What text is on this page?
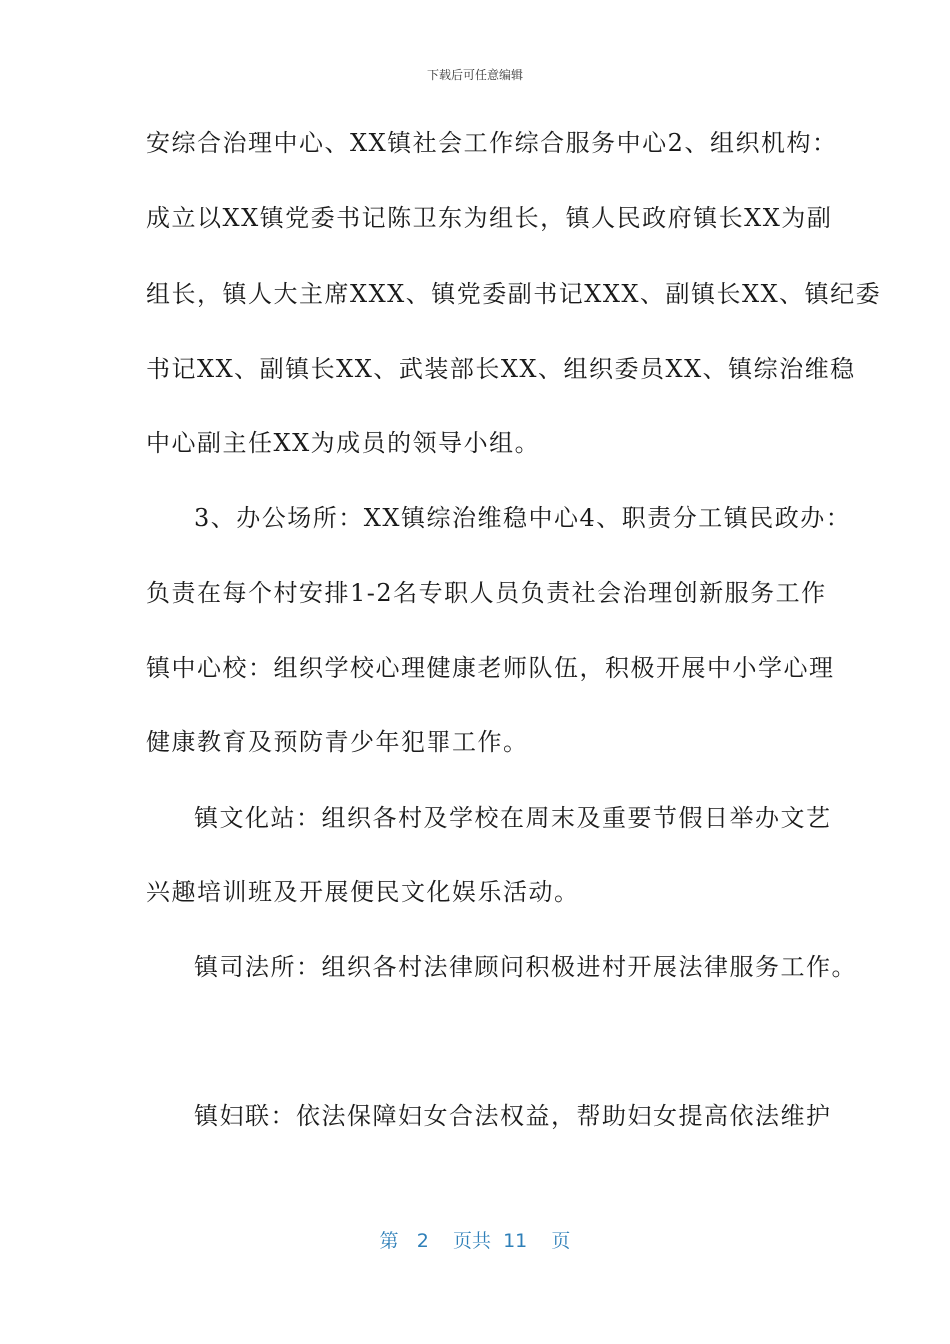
下载后可任意编辑
安综合治理中心、XX镇社会工作综合服务中心2、组织机构：
成立以XX镇党委书记陈卫东为组长，镇人民政府镇长XX为副
组长，镇人大主席XXX、镇党委副书记XXX、副镇长XX、镇纪委
书记XX、副镇长XX、武装部长XX、组织委员XX、镇综治维稳
中心副主任XX为成员的领导小组。
3、办公场所：XX镇综治维稳中心4、职责分工镇民政办：
负责在每个村安排1-2名专职人员负责社会治理创新服务工作
镇中心校：组织学校心理健康老师队伍，积极开展中小学心理
健康教育及预防青少年犯罪工作。
镇文化站：组织各村及学校在周末及重要节假日举办文艺
兴趣培训班及开展便民文化娱乐活动。
镇司法所：组织各村法律顾问积极进村开展法律服务工作。
镇妇联：依法保障妇女合法权益，帮助妇女提高依法维护
第 2 页共 11 页
